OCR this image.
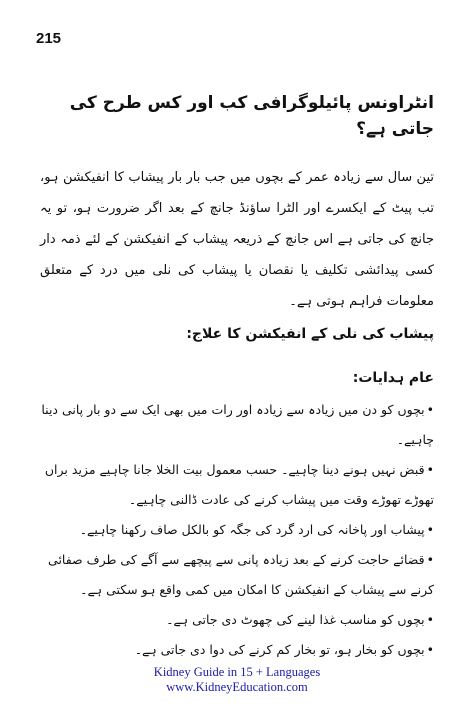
215
انٹراونس پائیلوگرافی کب اور کس طرح کی جاتی ہے؟

تین سال سے زیادہ عمر کے بچوں میں جب بار بار پیشاب کا انفیکشن ہو، تب پیٹ کے ایکسرے اور الٹرا ساؤنڈ جانچ کے بعد اگر ضرورت ہو، تو یہ جانچ کی جاتی ہے اس جانچ کے ذریعہ پیشاب کے انفیکشن کے لئے ذمہ دار کسی پیدائشی تکلیف یا نقصان یا پیشاب کی نلی میں درد کے متعلق معلومات فراہم ہوتی ہے۔

پیشاب کی نلی کے انفیکشن کا علاج:
عام ہدایات:
•بچوں کو دن میں زیادہ سے زیادہ اور رات میں بھی ایک سے دو بار پانی دینا چاہیے۔
•قبض نہیں ہونے دینا چاہیے۔ حسب معمول بیت الخلا جانا چاہیے مزید براں تھوڑے تھوڑے وقت میں پیشاب کرنے کی عادت ڈالنی چاہیے۔
•پیشاب اور پاخانہ کی ارد گرد کی جگہ کو بالکل صاف رکھنا چاہیے۔
•قضائے حاجت کرنے کے بعد زیادہ پانی سے پیچھے سے آگے کی طرف صفائی کرنے سے پیشاب کے انفیکشن کا امکان میں کمی واقع ہو سکتی ہے۔
•بچوں کو مناسب غذا لینے کی چھوٹ دی جاتی ہے۔
•بچوں کو بخار ہو، تو بخار کم کرنے کی دوا دی جاتی ہے۔
Kidney Guide in 15 + Languages
www.KidneyEducation.com
